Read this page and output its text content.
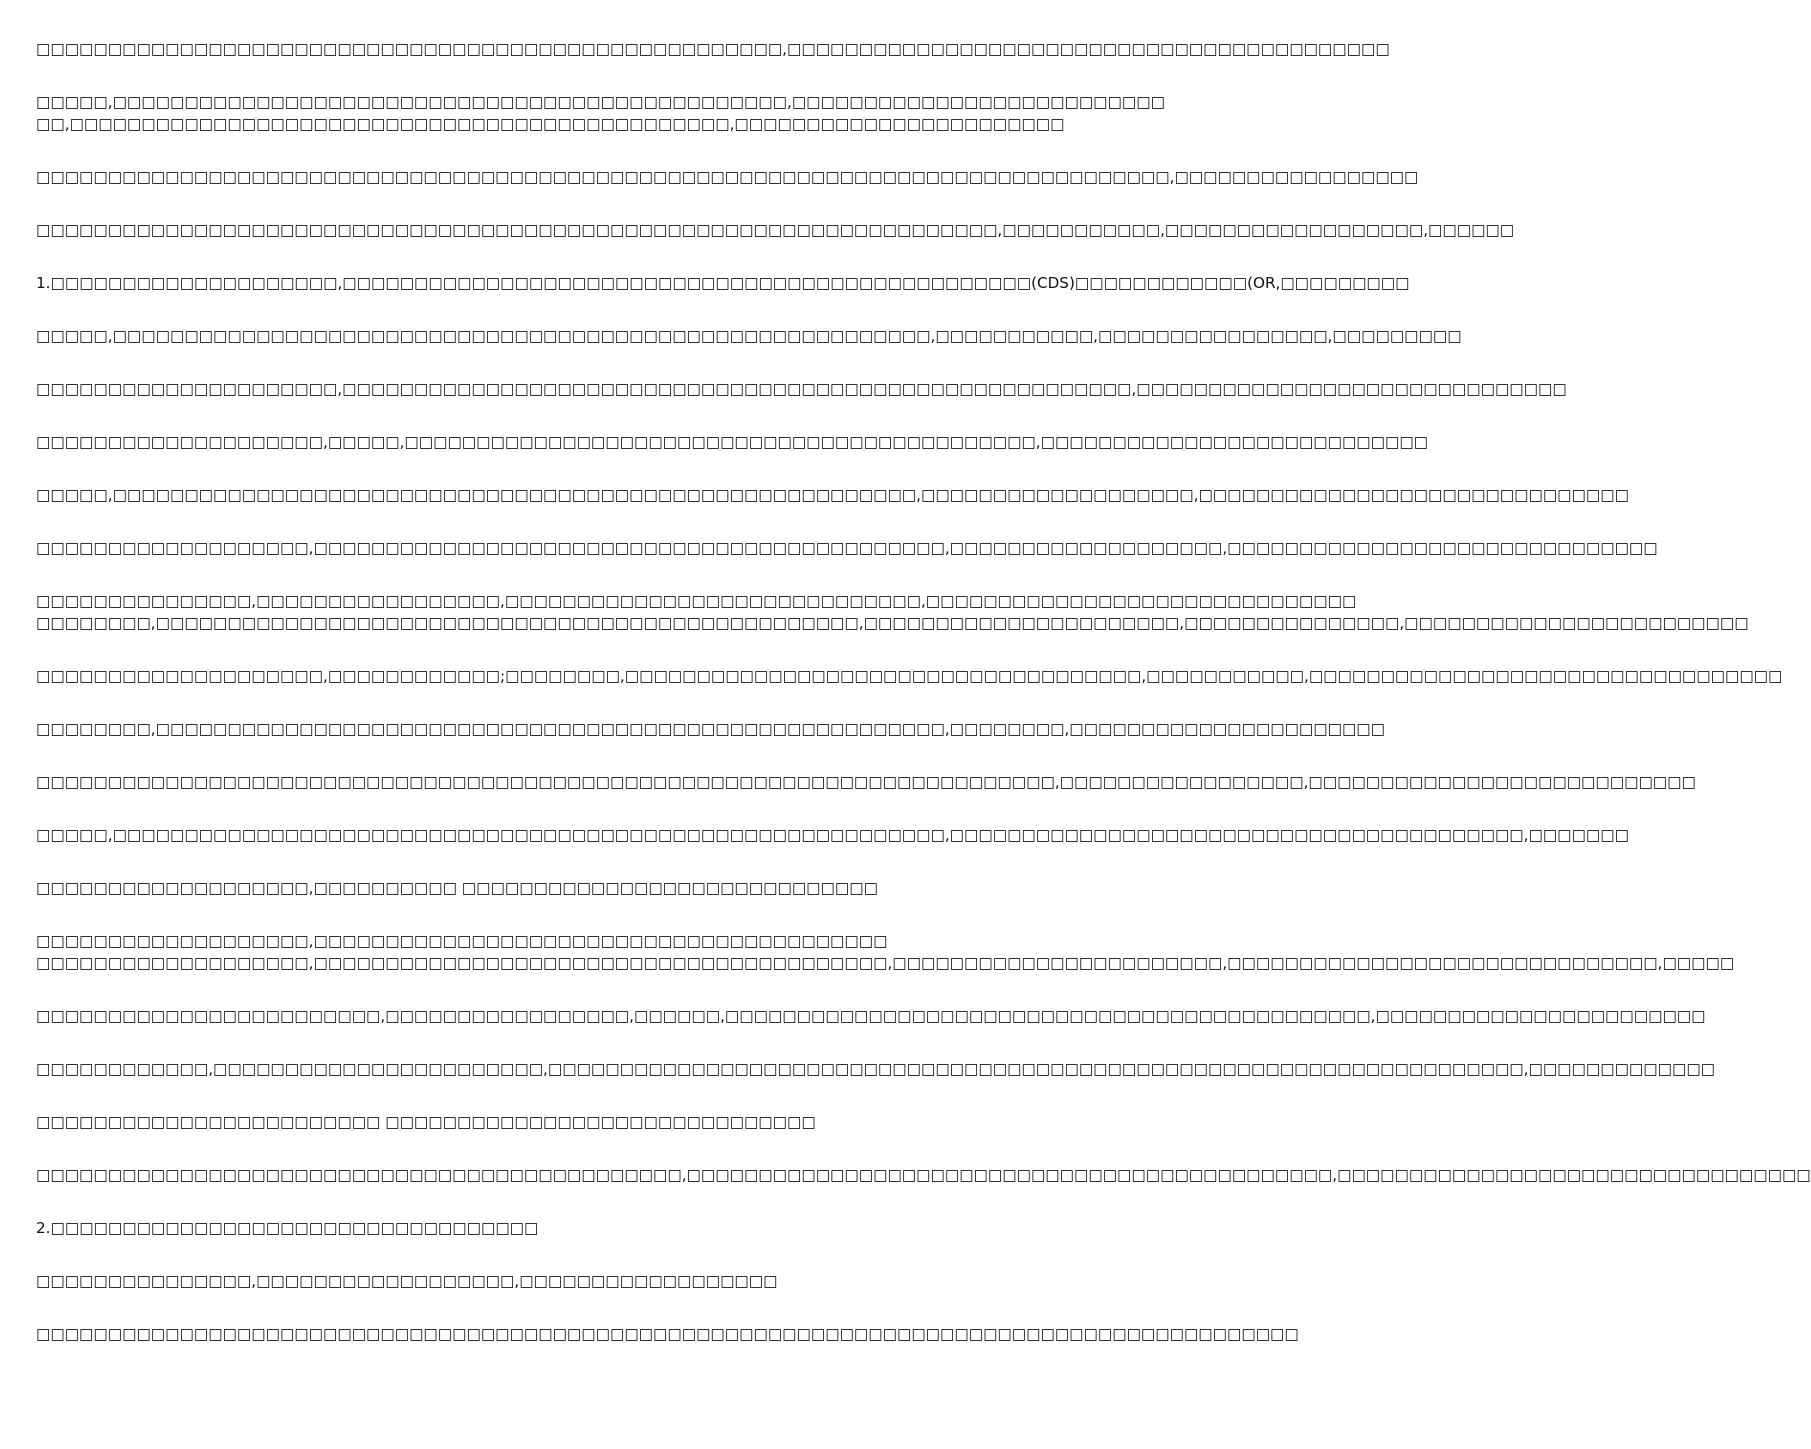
□□□□□□□□□□□□□□□□□□□□□□□□□□□□□□□□□□□□□□□□□□□□□□□□□□□□,□□□□□□□□□□□□□□□□□□□□□□□□□□□□□□□□□□□□□□□□□□
□□□□□,□□□□□□□□□□□□□□□□□□□□□□□□□□□□□□□□□□□□□□□□□□□□□□□,□□□□□□□□□□□□□□□□□□□□□□□□□□
□□,□□□□□□□□□□□□□□□□□□□□□□□□□□□□□□□□□□□□□□□□□□□□□□,□□□□□□□□□□□□□□□□□□□□□□□
□□□□□□□□□□□□□□□□□□□□□□□□□□□□□□□□□□□□□□□□□□□□□□□□□□□□□□□□□□□□□□□□□□□□□□□□□□□□□□□,□□□□□□□□□□□□□□□□□
□□□□□□□□□□□□□□□□□□□□□□□□□□□□□□□□□□□□□□□□□□□□□□□□□□□□□□□□□□□□□□□□□□□,□□□□□□□□□□□,□□□□□□□□□□□□□□□□□□,□□□□□□
1.□□□□□□□□□□□□□□□□□□□□,□□□□□□□□□□□□□□□□□□□□□□□□□□□□□□□□□□□□□□□□□□□□□□□□(CDS)□□□□□□□□□□□□(OR,□□□□□□□□□
□□□□□,□□□□□□□□□□□□□□□□□□□□□□□□□□□□□□□□□□□□□□□□□□□□□□□□□□□□□□□□□,□□□□□□□□□□□,□□□□□□□□□□□□□□□□,□□□□□□□□□
□□□□□□□□□□□□□□□□□□□□□,□□□□□□□□□□□□□□□□□□□□□□□□□□□□□□□□□□□□□□□□□□□□□□□□□□□□□□□,□□□□□□□□□□□□□□□□□□□□□□□□□□□□□□
□□□□□□□□□□□□□□□□□□□□,□□□□□,□□□□□□□□□□□□□□□□□□□□□□□□□□□□□□□□□□□□□□□□□□□□,□□□□□□□□□□□□□□□□□□□□□□□□□□□
□□□□□,□□□□□□□□□□□□□□□□□□□□□□□□□□□□□□□□□□□□□□□□□□□□□□□□□□□□□□□□,□□□□□□□□□□□□□□□□□□□,□□□□□□□□□□□□□□□□□□□□□□□□□□□□□□
□□□□□□□□□□□□□□□□□□□,□□□□□□□□□□□□□□□□□□□□□□□□□□□□□□□□□□□□□□□□□□□□,□□□□□□□□□□□□□□□□□□□,□□□□□□□□□□□□□□□□□□□□□□□□□□□□□□
□□□□□□□□□□□□□□□,□□□□□□□□□□□□□□□□□,□□□□□□□□□□□□□□□□□□□□□□□□□□□□□,□□□□□□□□□□□□□□□□□□□□□□□□□□□□□□
□□□□□□□□,□□□□□□□□□□□□□□□□□□□□□□□□□□□□□□□□□□□□□□□□□□□□□□□□□,□□□□□□□□□□□□□□□□□□□□□□,□□□□□□□□□□□□□□□,□□□□□□□□□□□□□□□□□□□□□□□□
□□□□□□□□□□□□□□□□□□□□,□□□□□□□□□□□□;□□□□□□□□,□□□□□□□□□□□□□□□□□□□□□□□□□□□□□□□□□□□□,□□□□□□□□□□□,□□□□□□□□□□□□□□□□□□□□□□□□□□□□□□□□□
□□□□□□□□,□□□□□□□□□□□□□□□□□□□□□□□□□□□□□□□□□□□□□□□□□□□□□□□□□□□□□□□,□□□□□□□□,□□□□□□□□□□□□□□□□□□□□□□
□□□□□□□□□□□□□□□□□□□□□□□□□□□□□□□□□□□□□□□□□□□□□□□□□□□□□□□□□□□□□□□□□□□□□□□,□□□□□□□□□□□□□□□□□,□□□□□□□□□□□□□□□□□□□□□□□□□□□
□□□□□,□□□□□□□□□□□□□□□□□□□□□□□□□□□□□□□□□□□□□□□□□□□□□□□□□□□□□□□□□□,□□□□□□□□□□□□□□□□□□□□□□□□□□□□□□□□□□□□□□□□,□□□□□□□
□□□□□□□□□□□□□□□□□□□,□□□□□□□□□□ □□□□□□□□□□□□□□□□□□□□□□□□□□□□□
□□□□□□□□□□□□□□□□□□□,□□□□□□□□□□□□□□□□□□□□□□□□□□□□□□□□□□□□□□□□
□□□□□□□□□□□□□□□□□□□,□□□□□□□□□□□□□□□□□□□□□□□□□□□□□□□□□□□□□□□□,□□□□□□□□□□□□□□□□□□□□□□□,□□□□□□□□□□□□□□□□□□□□□□□□□□□□□□,□□□□□
□□□□□□□□□□□□□□□□□□□□□□□□,□□□□□□□□□□□□□□□□□,□□□□□□,□□□□□□□□□□□□□□□□□□□□□□□□□□□□□□□□□□□□□□□□□□□□□,□□□□□□□□□□□□□□□□□□□□□□□
□□□□□□□□□□□□,□□□□□□□□□□□□□□□□□□□□□□□,□□□□□□□□□□□□□□□□□□□□□□□□□□□□□□□□□□□□□□□□□□□□□□□□□□□□□□□□□□□□□□□□□□□□,□□□□□□□□□□□□□
□□□□□□□□□□□□□□□□□□□□□□□□ □□□□□□□□□□□□□□□□□□□□□□□□□□□□□□
□□□□□□□□□□□□□□□□□□□□□□□□□□□□□□□□□□□□□□□□□□□□□,□□□□□□□□□□□□□□□□□□□□□□□□□□□□□□□□□□□□□□□□□□□□□,□□□□□□□□□□□□□□□□□□□□□□□□□□□□□□□□□
2.□□□□□□□□□□□□□□□□□□□□□□□□□□□□□□□□□□
□□□□□□□□□□□□□□□,□□□□□□□□□□□□□□□□□□,□□□□□□□□□□□□□□□□□□
□□□□□□□□□□□□□□□□□□□□□□□□□□□□□□□□□□□□□□□□□□□□□□□□□□□□□□□□□□□□□□□□□□□□□□□□□□□□□□□□□□□□□□□□
